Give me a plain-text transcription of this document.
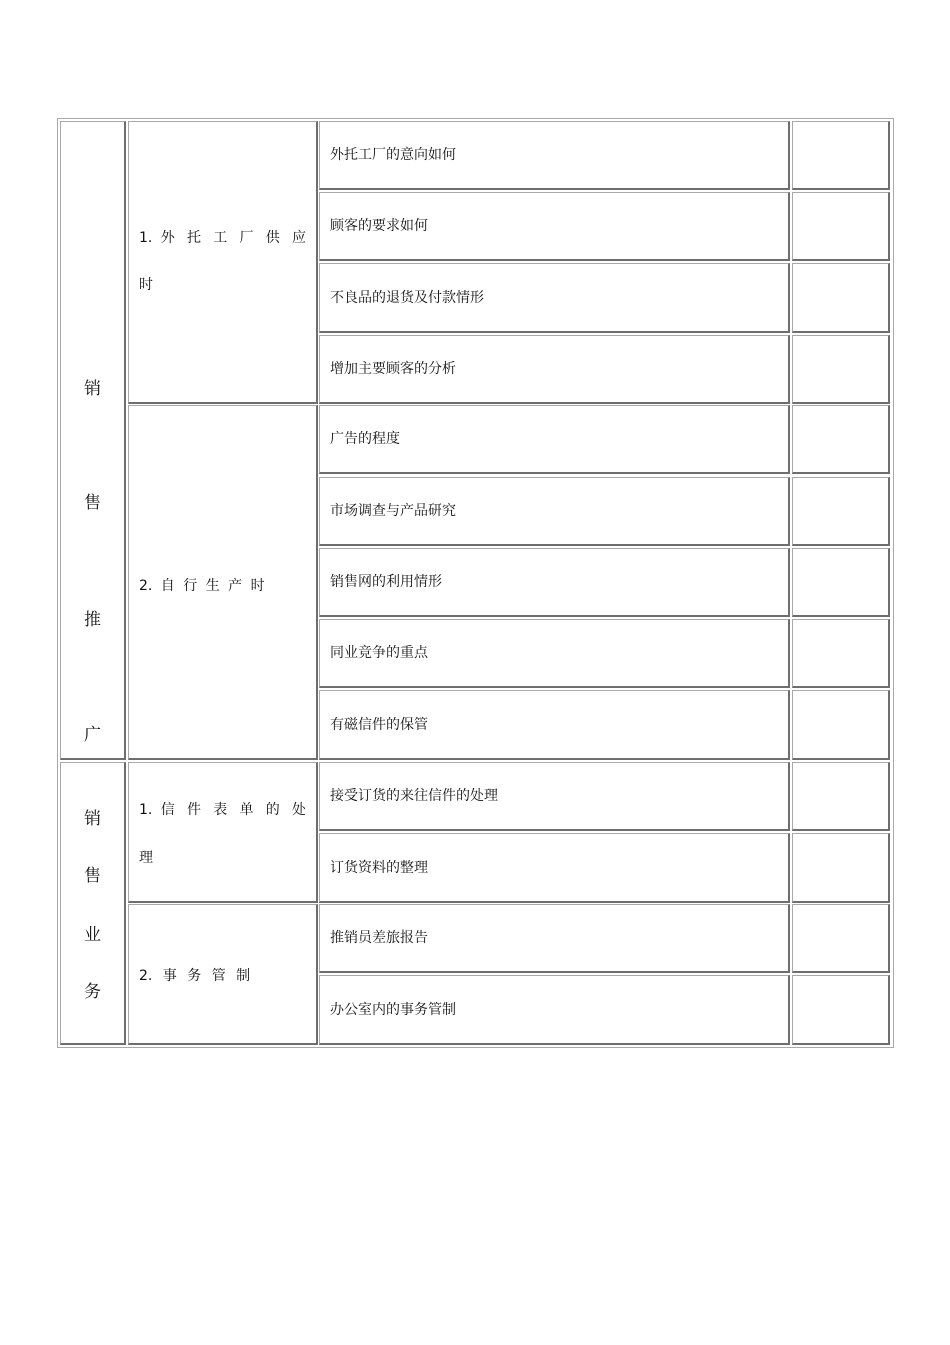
销
售
推
广
1. 外 托 工 厂 供 应
时
2. 自 行 生 产 时
外托工厂的意向如何
顾客的要求如何
不良品的退货及付款情形
增加主要顾客的分析
广告的程度
市场调查与产品研究
销售网的利用情形
同业竞争的重点
有磁信件的保管
销
售
业
务
1. 信 件 表 单 的 处
理
2. 事 务 管 制
接受订货的来往信件的处理
订货资料的整理
推销员差旅报告
办公室内的事务管制
